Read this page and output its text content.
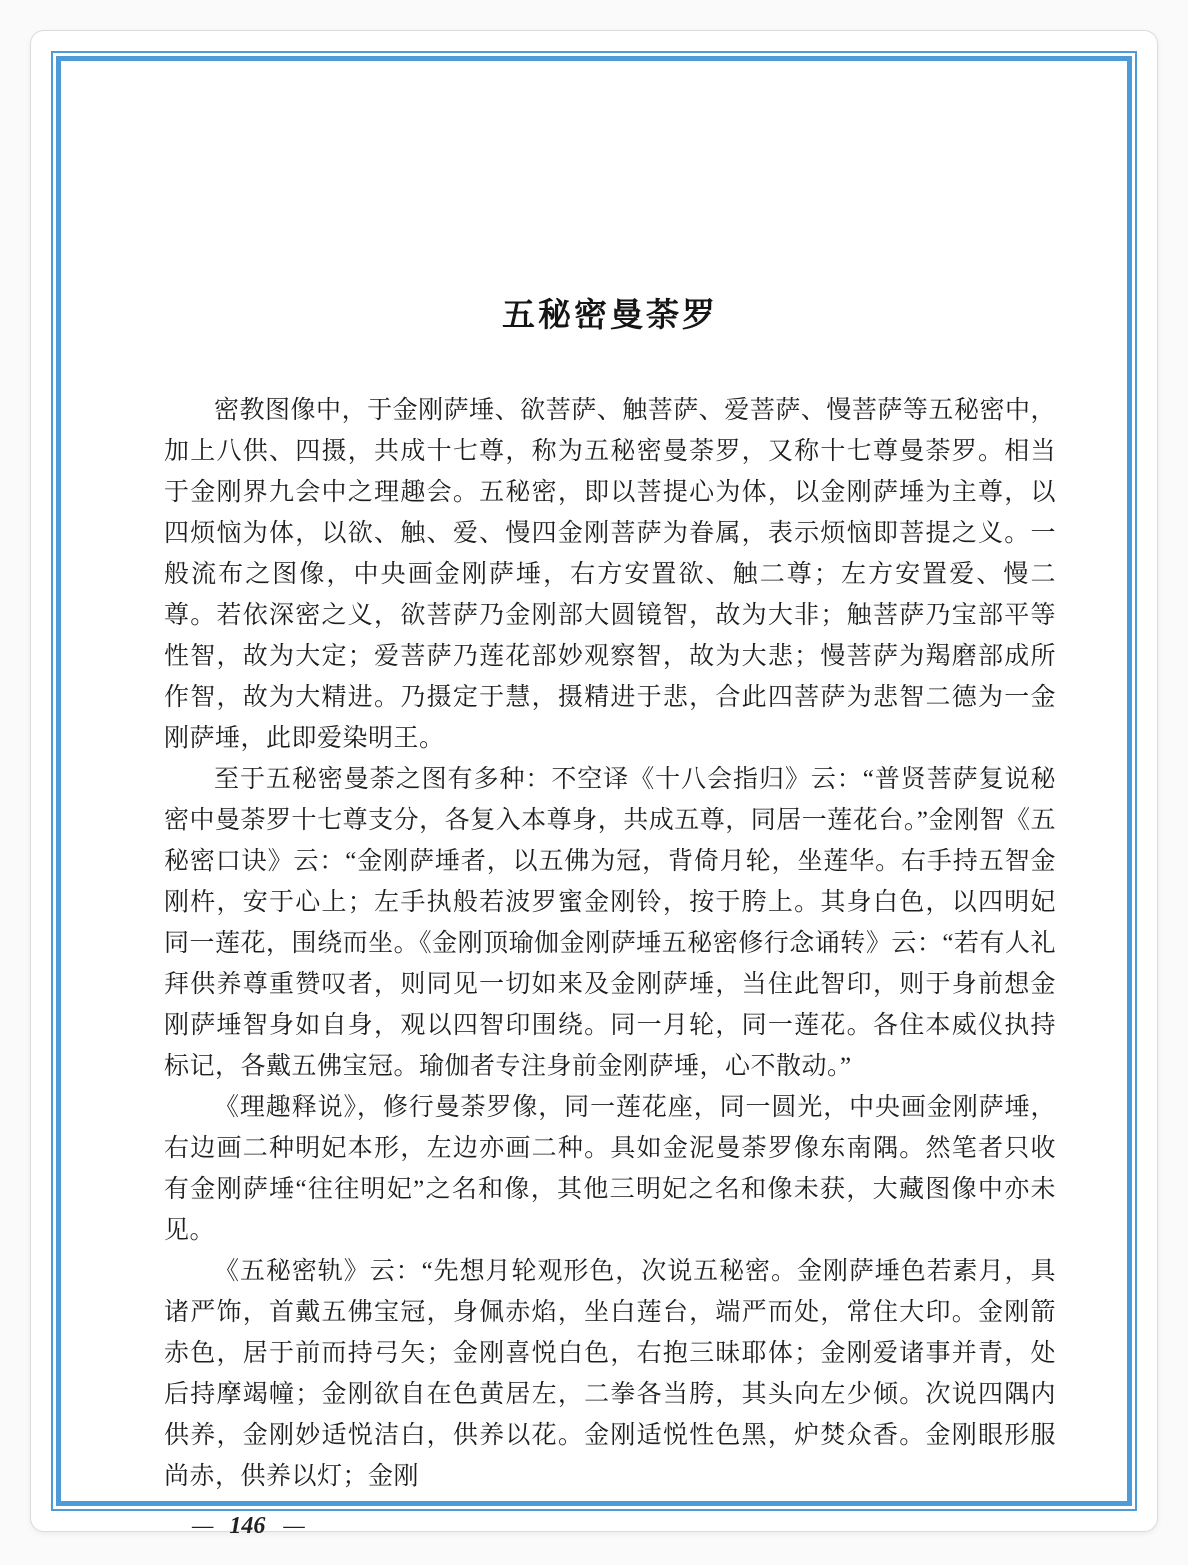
五秘密曼荼罗

密教图像中，于金刚萨埵、欲菩萨、触菩萨、爱菩萨、慢菩萨等五秘密中，加上八供、四摄，共成十七尊，称为五秘密曼荼罗，又称十七尊曼荼罗。相当于金刚界九会中之理趣会。五秘密，即以菩提心为体，以金刚萨埵为主尊，以四烦恼为体，以欲、触、爱、慢四金刚菩萨为眷属，表示烦恼即菩提之义。一般流布之图像，中央画金刚萨埵，右方安置欲、触二尊；左方安置爱、慢二尊。若依深密之义，欲菩萨乃金刚部大圆镜智，故为大非；触菩萨乃宝部平等性智，故为大定；爱菩萨乃莲花部妙观察智，故为大悲；慢菩萨为羯磨部成所作智，故为大精进。乃摄定于慧，摄精进于悲，合此四菩萨为悲智二德为一金刚萨埵，此即爱染明王。

至于五秘密曼荼之图有多种：不空译《十八会指归》云：“普贤菩萨复说秘密中曼荼罗十七尊支分，各复入本尊身，共成五尊，同居一莲花台。”金刚智《五秘密口诀》云：“金刚萨埵者，以五佛为冠，背倚月轮，坐莲华。右手持五智金刚杵，安于心上；左手执般若波罗蜜金刚铃，按于胯上。其身白色，以四明妃同一莲花，围绕而坐。《金刚顶瑜伽金刚萨埵五秘密修行念诵转》云：“若有人礼拜供养尊重赞叹者，则同见一切如来及金刚萨埵，当住此智印，则于身前想金刚萨埵智身如自身，观以四智印围绕。同一月轮，同一莲花。各住本威仪执持标记，各戴五佛宝冠。瑜伽者专注身前金刚萨埵，心不散动。”

《理趣释说》，修行曼荼罗像，同一莲花座，同一圆光，中央画金刚萨埵，右边画二种明妃本形，左边亦画二种。具如金泥曼荼罗像东南隅。然笔者只收有金刚萨埵“往往明妃”之名和像，其他三明妃之名和像未获，大藏图像中亦未见。

《五秘密轨》云：“先想月轮观形色，次说五秘密。金刚萨埵色若素月，具诸严饰，首戴五佛宝冠，身佩赤焰，坐白莲台，端严而处，常住大印。金刚箭赤色，居于前而持弓矢；金刚喜悦白色，右抱三昧耶体；金刚爱诸事并青，处后持摩竭幢；金刚欲自在色黄居左，二拳各当胯，其头向左少倾。次说四隅内供养，金刚妙适悦洁白，供养以花。金刚适悦性色黑，炉焚众香。金刚眼形服尚赤，供养以灯；金刚

— 146 —
